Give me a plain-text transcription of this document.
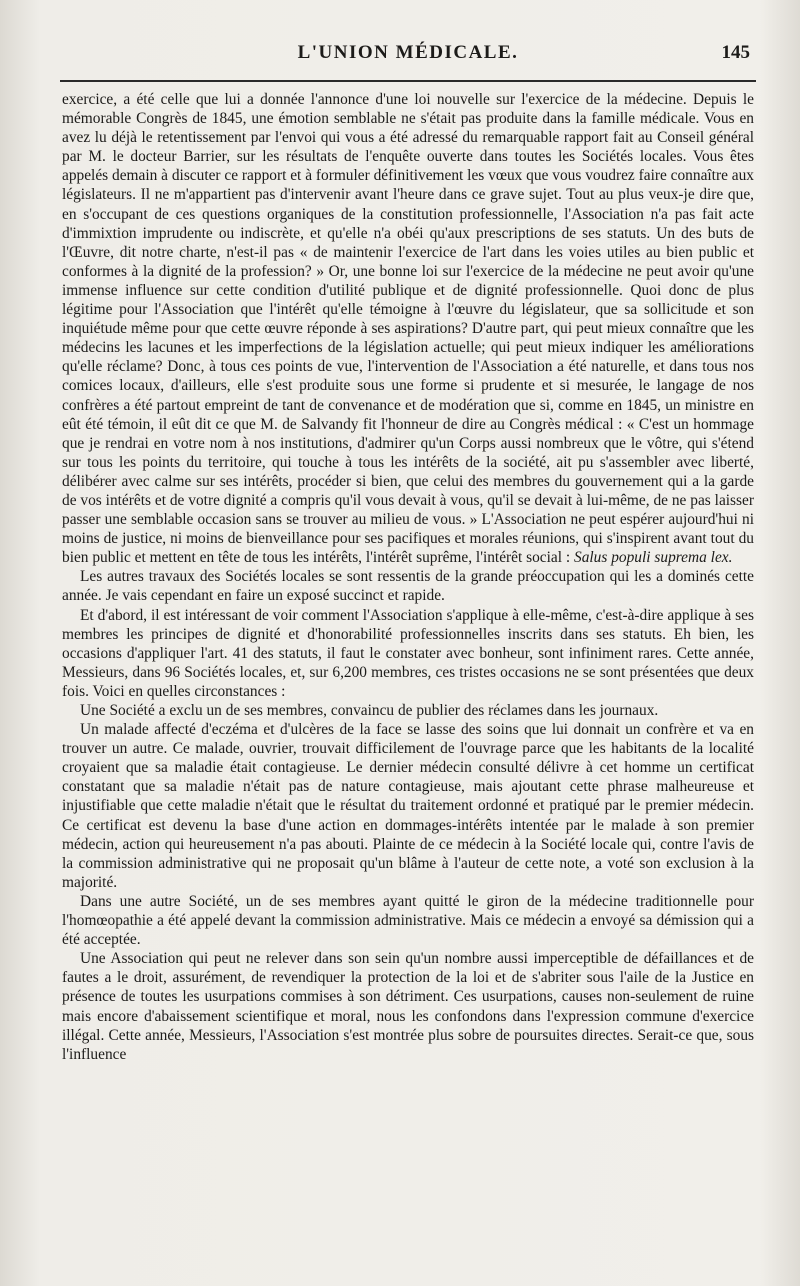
L'UNION MÉDICALE.	145

exercice, a été celle que lui a donnée l'annonce d'une loi nouvelle sur l'exercice de la médecine. Depuis le mémorable Congrès de 1845, une émotion semblable ne s'était pas produite dans la famille médicale. Vous en avez lu déjà le retentissement par l'envoi qui vous a été adressé du remarquable rapport fait au Conseil général par M. le docteur Barrier, sur les résultats de l'enquête ouverte dans toutes les Sociétés locales. Vous êtes appelés demain à discuter ce rapport et à formuler définitivement les vœux que vous voudrez faire connaître aux législateurs. Il ne m'appartient pas d'intervenir avant l'heure dans ce grave sujet. Tout au plus veux-je dire que, en s'occupant de ces questions organiques de la constitution professionnelle, l'Association n'a pas fait acte d'immixtion imprudente ou indiscrète, et qu'elle n'a obéi qu'aux prescriptions de ses statuts. Un des buts de l'Œuvre, dit notre charte, n'est-il pas « de maintenir l'exercice de l'art dans les voies utiles au bien public et conformes à la dignité de la profession? » Or, une bonne loi sur l'exercice de la médecine ne peut avoir qu'une immense influence sur cette condition d'utilité publique et de dignité professionnelle. Quoi donc de plus légitime pour l'Association que l'intérêt qu'elle témoigne à l'œuvre du législateur, que sa sollicitude et son inquiétude même pour que cette œuvre réponde à ses aspirations? D'autre part, qui peut mieux connaître que les médecins les lacunes et les imperfections de la législation actuelle; qui peut mieux indiquer les améliorations qu'elle réclame? Donc, à tous ces points de vue, l'intervention de l'Association a été naturelle, et dans tous nos comices locaux, d'ailleurs, elle s'est produite sous une forme si prudente et si mesurée, le langage de nos confrères a été partout empreint de tant de convenance et de modération que si, comme en 1845, un ministre en eût été témoin, il eût dit ce que M. de Salvandy fit l'honneur de dire au Congrès médical : « C'est un hommage que je rendrai en votre nom à nos institutions, d'admirer qu'un Corps aussi nombreux que le vôtre, qui s'étend sur tous les points du territoire, qui touche à tous les intérêts de la société, ait pu s'assembler avec liberté, délibérer avec calme sur ses intérêts, procéder si bien, que celui des membres du gouvernement qui a la garde de vos intérêts et de votre dignité a compris qu'il vous devait à vous, qu'il se devait à lui-même, de ne pas laisser passer une semblable occasion sans se trouver au milieu de vous. » L'Association ne peut espérer aujourd'hui ni moins de justice, ni moins de bienveillance pour ses pacifiques et morales réunions, qui s'inspirent avant tout du bien public et mettent en tête de tous les intérêts, l'intérêt suprême, l'intérêt social : Salus populi suprema lex.

Les autres travaux des Sociétés locales se sont ressentis de la grande préoccupation qui les a dominés cette année. Je vais cependant en faire un exposé succinct et rapide.

Et d'abord, il est intéressant de voir comment l'Association s'applique à elle-même, c'est-à-dire applique à ses membres les principes de dignité et d'honorabilité professionnelles inscrits dans ses statuts. Eh bien, les occasions d'appliquer l'art. 41 des statuts, il faut le constater avec bonheur, sont infiniment rares. Cette année, Messieurs, dans 96 Sociétés locales, et, sur 6,200 membres, ces tristes occasions ne se sont présentées que deux fois. Voici en quelles circonstances :

Une Société a exclu un de ses membres, convaincu de publier des réclames dans les journaux.

Un malade affecté d'eczéma et d'ulcères de la face se lasse des soins que lui donnait un confrère et va en trouver un autre. Ce malade, ouvrier, trouvait difficilement de l'ouvrage parce que les habitants de la localité croyaient que sa maladie était contagieuse. Le dernier médecin consulté délivre à cet homme un certificat constatant que sa maladie n'était pas de nature contagieuse, mais ajoutant cette phrase malheureuse et injustifiable que cette maladie n'était que le résultat du traitement ordonné et pratiqué par le premier médecin. Ce certificat est devenu la base d'une action en dommages-intérêts intentée par le malade à son premier médecin, action qui heureusement n'a pas abouti. Plainte de ce médecin à la Société locale qui, contre l'avis de la commission administrative qui ne proposait qu'un blâme à l'auteur de cette note, a voté son exclusion à la majorité.

Dans une autre Société, un de ses membres ayant quitté le giron de la médecine traditionnelle pour l'homœopathie a été appelé devant la commission administrative. Mais ce médecin a envoyé sa démission qui a été acceptée.

Une Association qui peut ne relever dans son sein qu'un nombre aussi imperceptible de défaillances et de fautes a le droit, assurément, de revendiquer la protection de la loi et de s'abriter sous l'aile de la Justice en présence de toutes les usurpations commises à son détriment. Ces usurpations, causes non-seulement de ruine mais encore d'abaissement scientifique et moral, nous les confondons dans l'expression commune d'exercice illégal. Cette année, Messieurs, l'Association s'est montrée plus sobre de poursuites directes. Serait-ce que, sous l'influence
